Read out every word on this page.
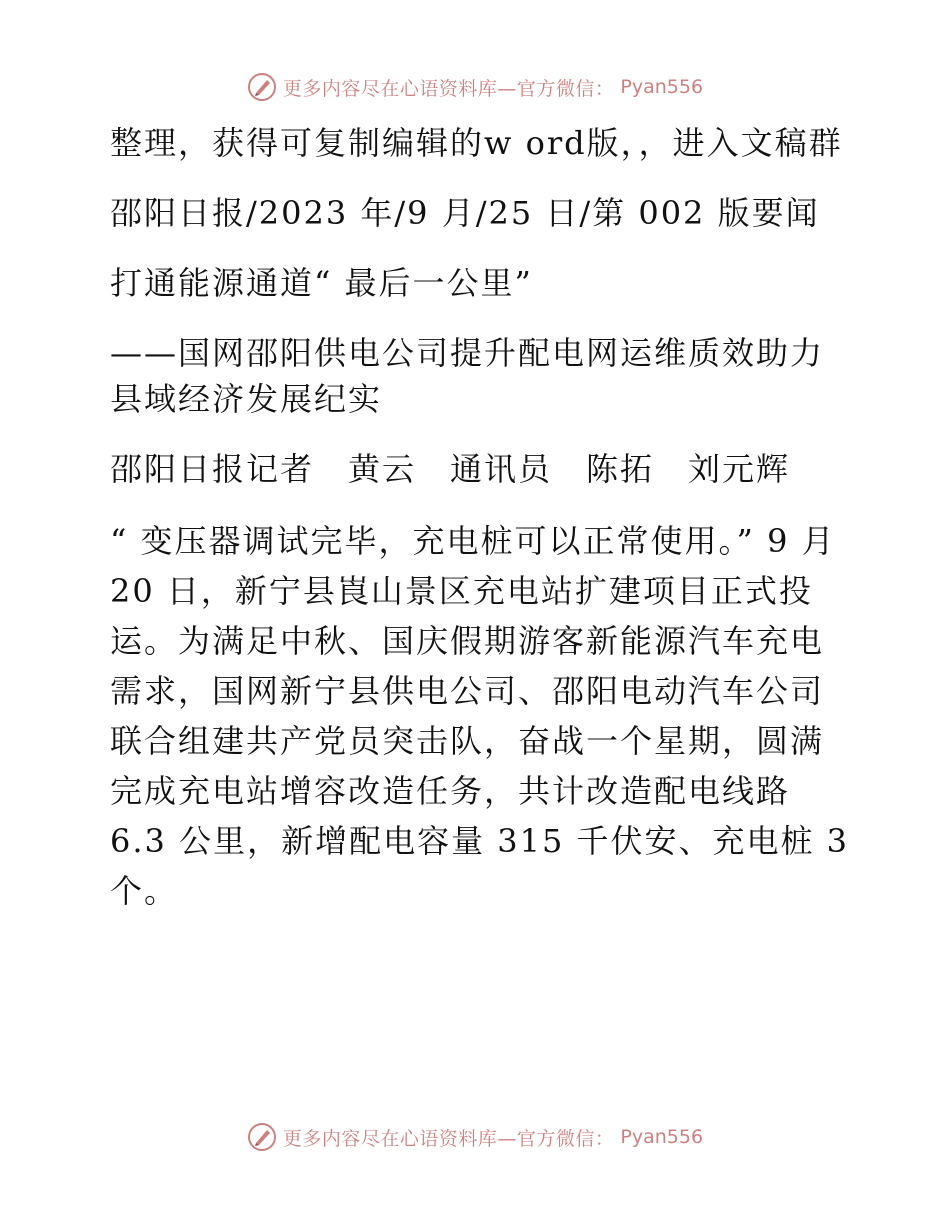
更多内容尽在心语资料库—官方微信： Pyan556

整理，获得可复制编辑的w ord版，，进入文稿群

邵阳日报/2023 年/9 月/25 日/第 002 版要闻

打通能源通道“ 最后一公里”

——国网邵阳供电公司提升配电网运维质效助力县域经济发展纪实

邵阳日报记者　黄云　通讯员　陈拓　刘元辉

“ 变压器调试完毕，充电桩可以正常使用。” 9 月 20 日，新宁县崀山景区充电站扩建项目正式投运。为满足中秋、国庆假期游客新能源汽车充电需求，国网新宁县供电公司、邵阳电动汽车公司联合组建共产党员突击队，奋战一个星期，圆满完成充电站增容改造任务，共计改造配电线路 6.3 公里，新增配电容量 315 千伏安、充电桩 3 个。

更多内容尽在心语资料库—官方微信： Pyan556
